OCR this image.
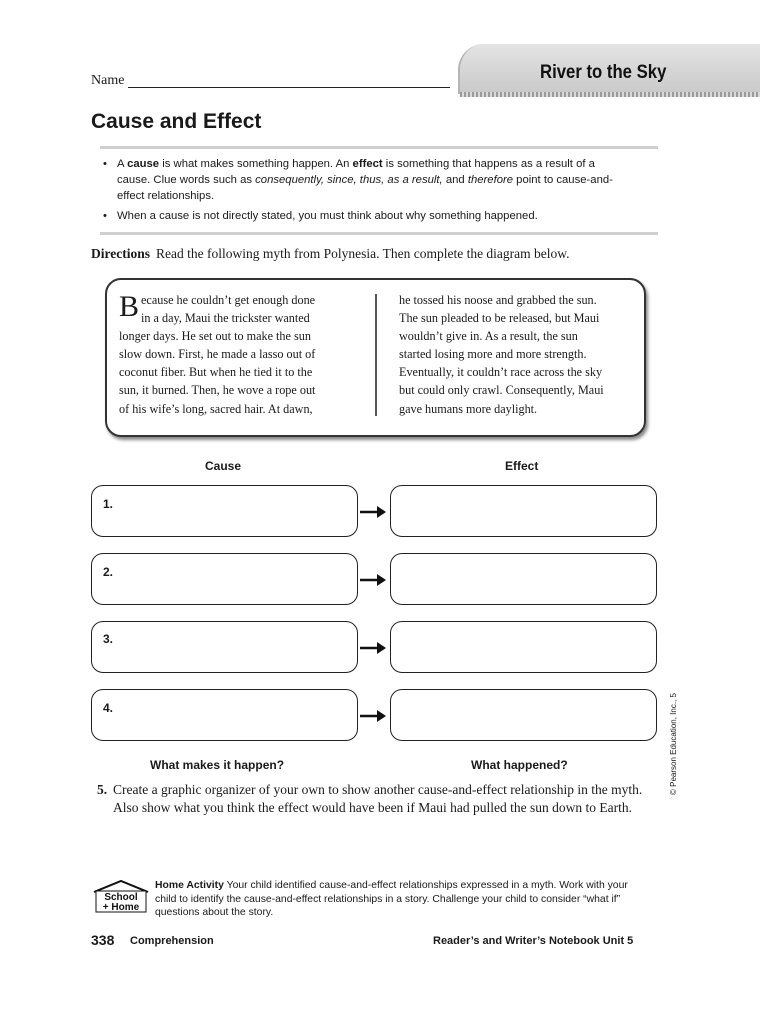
River to the Sky
Name
Cause and Effect
• A cause is what makes something happen. An effect is something that happens as a result of a cause. Clue words such as consequently, since, thus, as a result, and therefore point to cause-and-effect relationships.
• When a cause is not directly stated, you must think about why something happened.
Directions Read the following myth from Polynesia. Then complete the diagram below.
B ecause he couldn’t get enough done
in a day, Maui the trickster wanted
longer days. He set out to make the sun
slow down. First, he made a lasso out of
coconut fiber. But when he tied it to the
sun, it burned. Then, he wove a rope out
of his wife’s long, sacred hair. At dawn,
he tossed his noose and grabbed the sun.
The sun pleaded to be released, but Maui
wouldn’t give in. As a result, the sun
started losing more and more strength.
Eventually, it couldn’t race across the sky
but could only crawl. Consequently, Maui
gave humans more daylight.
Cause	Effect
1.
2.
3.
4.
What makes it happen?	What happened?
5. Create a graphic organizer of your own to show another cause-and-effect relationship in the myth.
Also show what you think the effect would have been if Maui had pulled the sun down to Earth.
© Pearson Education, Inc., 5
School
+ Home
Home Activity Your child identified cause-and-effect relationships expressed in a myth. Work with your child to identify the cause-and-effect relationships in a story. Challenge your child to consider “what if” questions about the story.
338 Comprehension	Reader’s and Writer’s Notebook Unit 5
